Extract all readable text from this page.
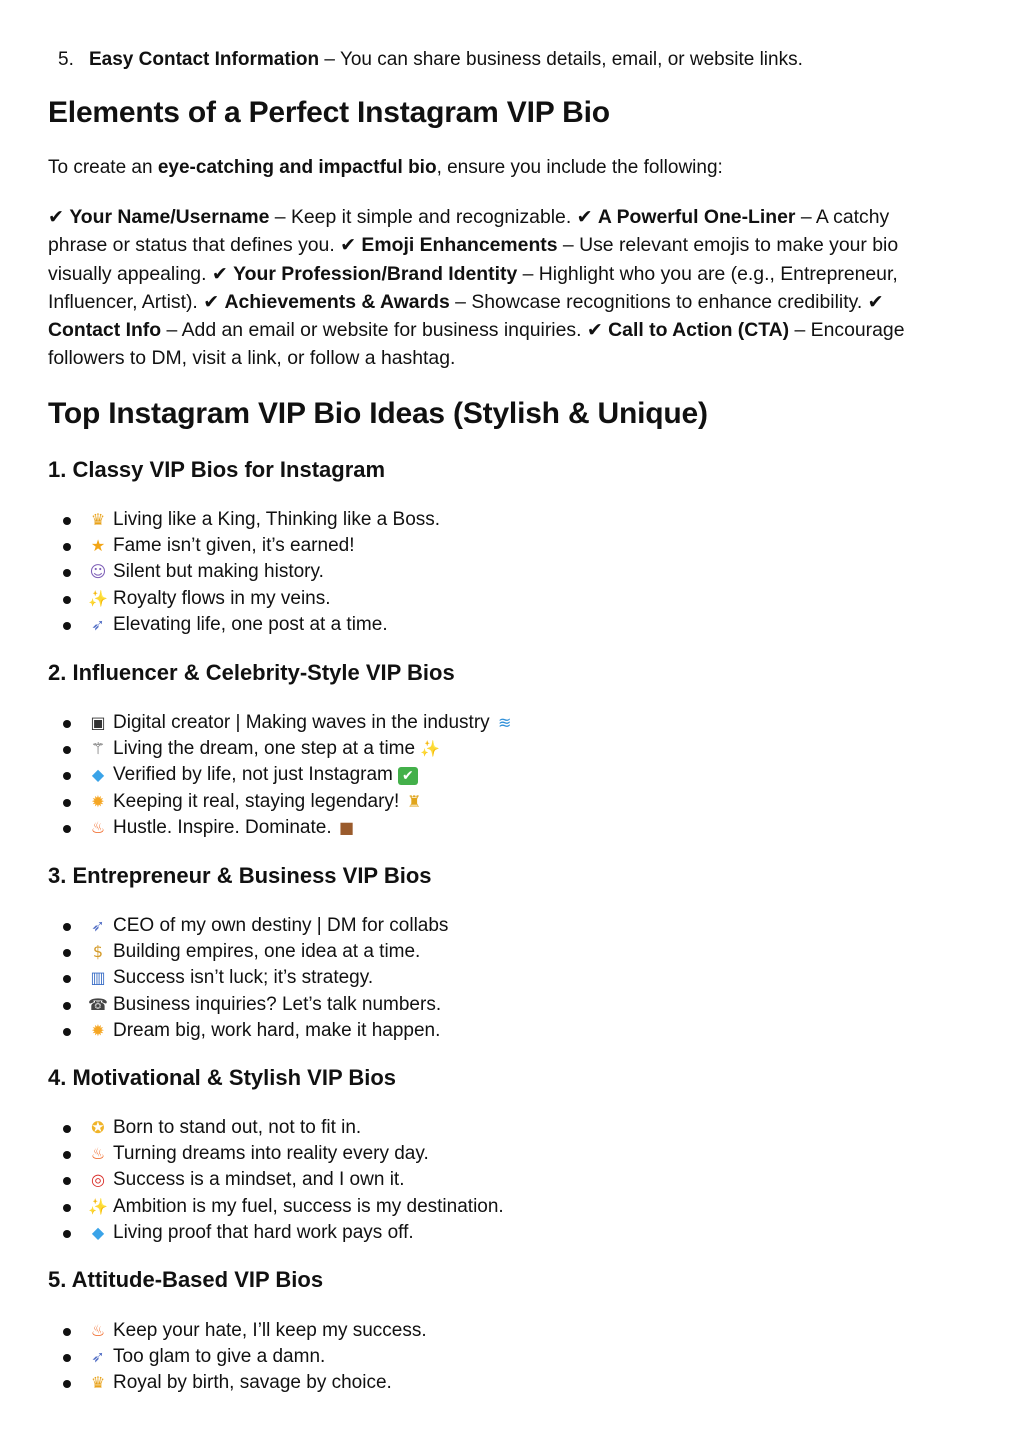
5. Easy Contact Information – You can share business details, email, or website links.
Elements of a Perfect Instagram VIP Bio

To create an eye-catching and impactful bio, ensure you include the following:

✔ Your Name/Username – Keep it simple and recognizable. ✔ A Powerful One-Liner – A catchy phrase or status that defines you. ✔ Emoji Enhancements – Use relevant emojis to make your bio visually appealing. ✔ Your Profession/Brand Identity – Highlight who you are (e.g., Entrepreneur, Influencer, Artist). ✔ Achievements & Awards – Showcase recognitions to enhance credibility. ✔ Contact Info – Add an email or website for business inquiries. ✔ Call to Action (CTA) – Encourage followers to DM, visit a link, or follow a hashtag.

Top Instagram VIP Bio Ideas (Stylish & Unique)
1. Classy VIP Bios for Instagram
♛ Living like a King, Thinking like a Boss.
★ Fame isn’t given, it’s earned!
☺ Silent but making history.
✨ Royalty flows in my veins.
➶ Elevating life, one post at a time.
2. Influencer & Celebrity-Style VIP Bios
▣ Digital creator | Making waves in the industry ≋
⚚ Living the dream, one step at a time ✨
◆ Verified by life, not just Instagram ✔
✹ Keeping it real, staying legendary! ♜
♨ Hustle. Inspire. Dominate. ■
3. Entrepreneur & Business VIP Bios
➶ CEO of my own destiny | DM for collabs
$ Building empires, one idea at a time.
▥ Success isn’t luck; it’s strategy.
☎ Business inquiries? Let’s talk numbers.
✹ Dream big, work hard, make it happen.
4. Motivational & Stylish VIP Bios
✪ Born to stand out, not to fit in.
♨ Turning dreams into reality every day.
◎ Success is a mindset, and I own it.
✨ Ambition is my fuel, success is my destination.
◆ Living proof that hard work pays off.
5. Attitude-Based VIP Bios
♨ Keep your hate, I’ll keep my success.
➶ Too glam to give a damn.
♛ Royal by birth, savage by choice.
